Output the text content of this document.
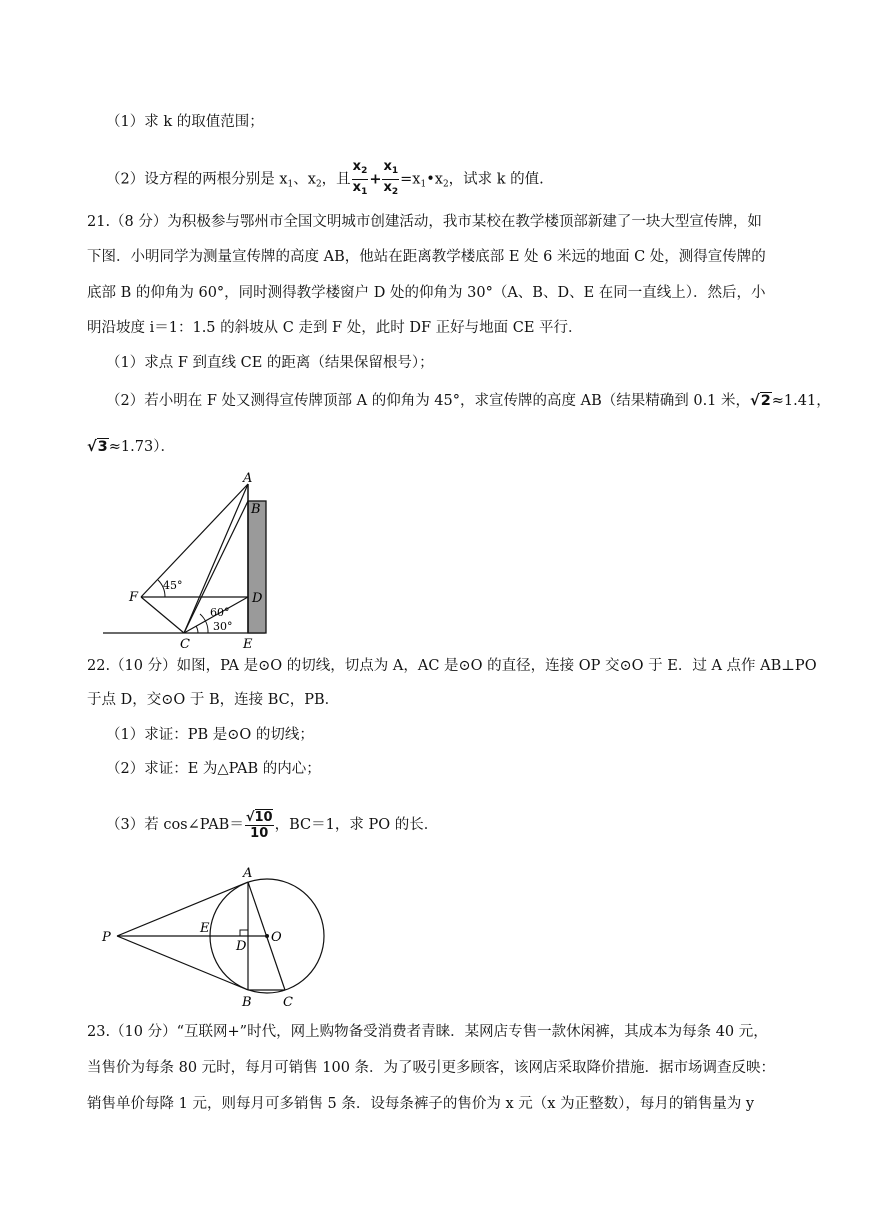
（1）求 k 的取值范围；
（2）设方程的两根分别是 $x_1$、$x_2$，且 $\frac{x_2}{x_1} + \frac{x_1}{x_2}$ $=x_1•x_2$，试求 k 的值.
21.（8 分）为积极参与鄂州市全国文明城市创建活动，我市某校在教学楼顶部新建了一块大型宣传牌，如
下图．小明同学为测量宣传牌的高度 AB，他站在距离教学楼底部 E 处 6 米远的地面 C 处，测得宣传牌的
底部 B 的仰角为 60°，同时测得教学楼窗户 D 处的仰角为 30°（A、B、D、E 在同一直线上）．然后，小
明沿坡度 i＝1：1.5 的斜坡从 C 走到 F 处，此时 DF 正好与地面 CE 平行．
（1）求点 F 到直线 CE 的距离（结果保留根号）；
（2）若小明在 F 处又测得宣传牌顶部 A 的仰角为 45°，求宣传牌的高度 AB（结果精确到 0.1 米，√2≈1.41，
√3≈1.73）．
A
B
D
F
C	E
45°
60°
30°
22.（10 分）如图，PA 是⊙O 的切线，切点为 A，AC 是⊙O 的直径，连接 OP 交⊙O 于 E．过 A 点作 AB⊥PO
于点 D，交⊙O 于 B，连接 BC，PB．
（1）求证：PB 是⊙O 的切线；
（2）求证：E 为△PAB 的内心；
（3）若 cos∠PAB＝ $\frac{√10}{10}$ ，BC＝1，求 PO 的长．
A
P
E
D
O
B C
23.（10 分）“互联网+”时代，网上购物备受消费者青睐．某网店专售一款休闲裤，其成本为每条 40 元，
当售价为每条 80 元时，每月可销售 100 条．为了吸引更多顾客，该网店采取降价措施．据市场调查反映：
销售单价每降 1 元，则每月可多销售 5 条．设每条裤子的售价为 x 元（x 为正整数），每月的销售量为 y
